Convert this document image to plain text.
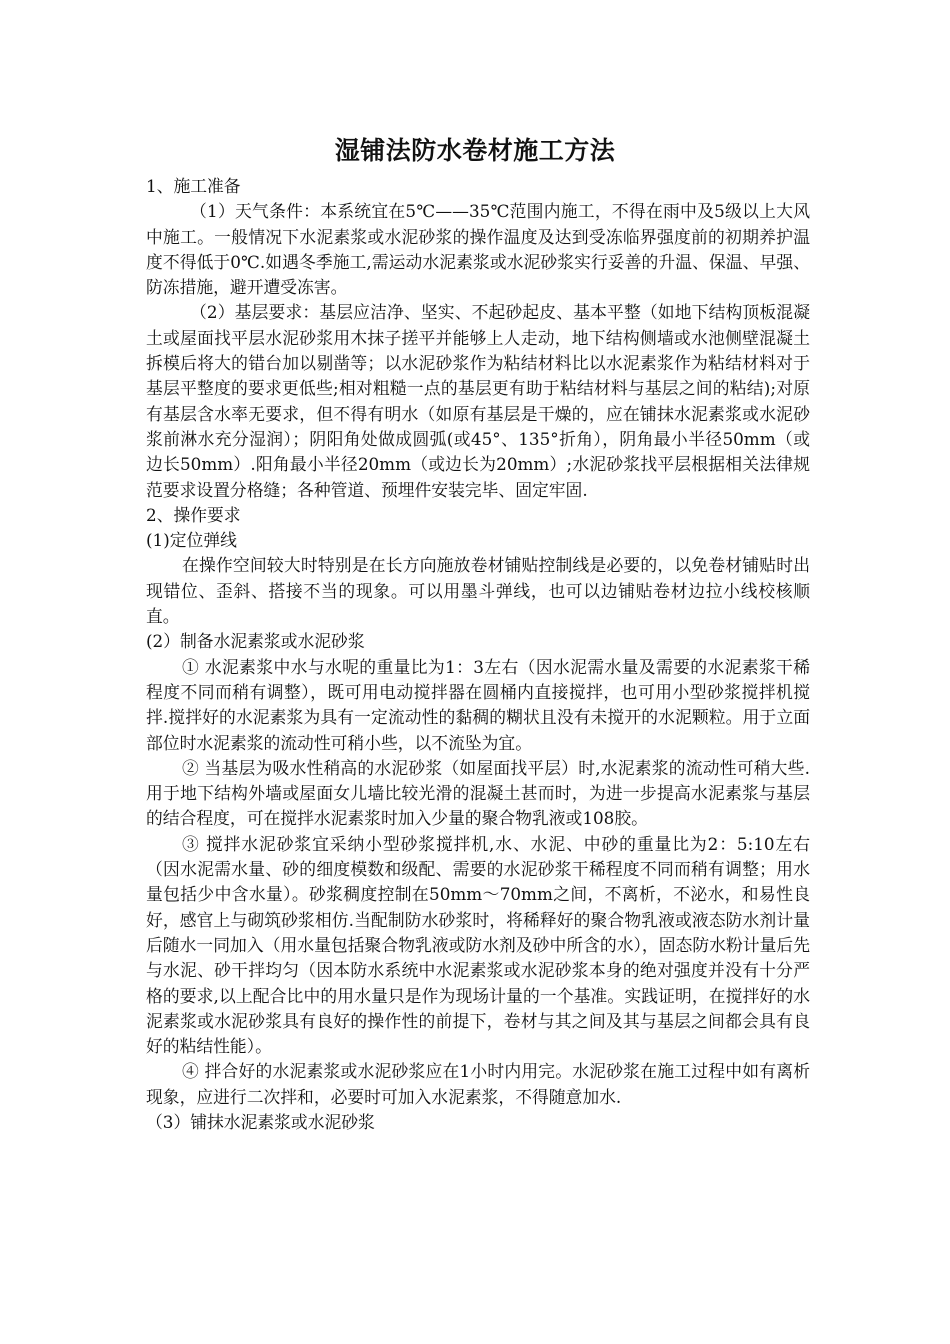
湿铺法防水卷材施工方法

1、施工准备

（1）天气条件：本系统宜在5℃——35℃范围内施工，不得在雨中及5级以上大风中施工。一般情况下水泥素浆或水泥砂浆的操作温度及达到受冻临界强度前的初期养护温度不得低于0℃.如遇冬季施工,需运动水泥素浆或水泥砂浆实行妥善的升温、保温、早强、防冻措施，避开遭受冻害。

（2）基层要求：基层应洁净、坚实、不起砂起皮、基本平整（如地下结构顶板混凝土或屋面找平层水泥砂浆用木抹子搓平并能够上人走动，地下结构侧墙或水池侧壁混凝土拆模后将大的错台加以剔凿等；以水泥砂浆作为粘结材料比以水泥素浆作为粘结材料对于基层平整度的要求更低些;相对粗糙一点的基层更有助于粘结材料与基层之间的粘结);对原有基层含水率无要求，但不得有明水（如原有基层是干燥的，应在铺抹水泥素浆或水泥砂浆前淋水充分湿润）；阴阳角处做成圆弧(或45°、135°折角），阴角最小半径50mm（或边长50mm）.阳角最小半径20mm（或边长为20mm）;水泥砂浆找平层根据相关法律规范要求设置分格缝；各种管道、预埋件安装完毕、固定牢固.

2、操作要求

(1)定位弹线

在操作空间较大时特别是在长方向施放卷材铺贴控制线是必要的，以免卷材铺贴时出现错位、歪斜、搭接不当的现象。可以用墨斗弹线，也可以边铺贴卷材边拉小线校核顺直。

(2）制备水泥素浆或水泥砂浆

① 水泥素浆中水与水呢的重量比为1：3左右（因水泥需水量及需要的水泥素浆干稀程度不同而稍有调整），既可用电动搅拌器在圆桶内直接搅拌，也可用小型砂浆搅拌机搅拌.搅拌好的水泥素浆为具有一定流动性的黏稠的糊状且没有未搅开的水泥颗粒。用于立面部位时水泥素浆的流动性可稍小些，以不流坠为宜。

② 当基层为吸水性稍高的水泥砂浆（如屋面找平层）时,水泥素浆的流动性可稍大些.用于地下结构外墙或屋面女儿墙比较光滑的混凝土甚而时，为进一步提高水泥素浆与基层的结合程度，可在搅拌水泥素浆时加入少量的聚合物乳液或108胶。

③ 搅拌水泥砂浆宜采纳小型砂浆搅拌机,水、水泥、中砂的重量比为2：5:10左右（因水泥需水量、砂的细度模数和级配、需要的水泥砂浆干稀程度不同而稍有调整；用水量包括少中含水量）。砂浆稠度控制在50mm～70mm之间，不离析，不泌水，和易性良好，感官上与砌筑砂浆相仿.当配制防水砂浆时，将稀释好的聚合物乳液或液态防水剂计量后随水一同加入（用水量包括聚合物乳液或防水剂及砂中所含的水），固态防水粉计量后先与水泥、砂干拌均匀（因本防水系统中水泥素浆或水泥砂浆本身的绝对强度并没有十分严格的要求,以上配合比中的用水量只是作为现场计量的一个基准。实践证明，在搅拌好的水泥素浆或水泥砂浆具有良好的操作性的前提下，卷材与其之间及其与基层之间都会具有良好的粘结性能）。

④ 拌合好的水泥素浆或水泥砂浆应在1小时内用完。水泥砂浆在施工过程中如有离析现象，应进行二次拌和，必要时可加入水泥素浆，不得随意加水.

（3）铺抹水泥素浆或水泥砂浆
